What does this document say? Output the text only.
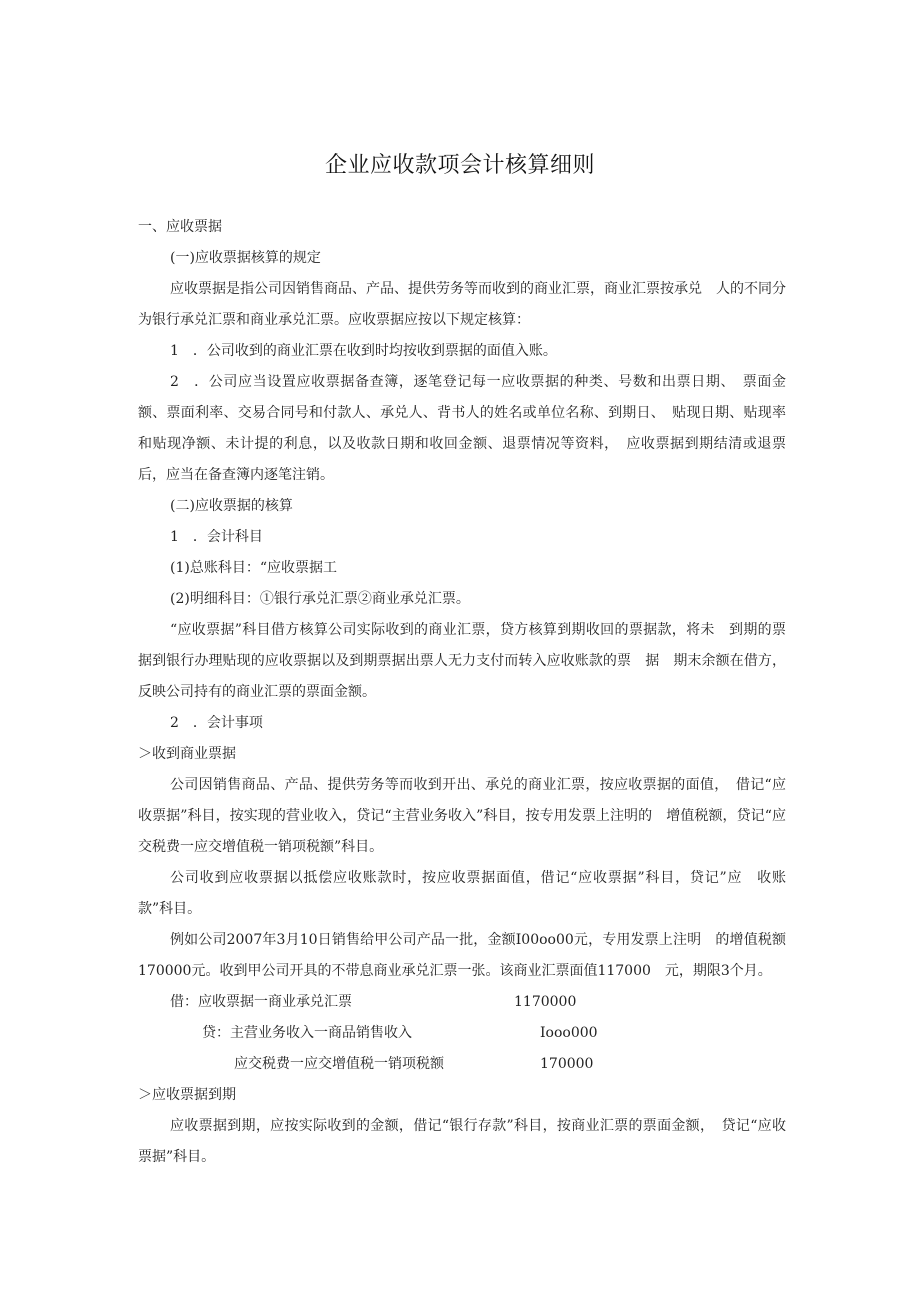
企业应收款项会计核算细则

一、应收票据

(一)应收票据核算的规定

应收票据是指公司因销售商品、产品、提供劳务等而收到的商业汇票，商业汇票按承兑　人的不同分为银行承兑汇票和商业承兑汇票。应收票据应按以下规定核算：

1　．公司收到的商业汇票在收到时均按收到票据的面值入账。

2　．公司应当设置应收票据备查簿，逐笔登记每一应收票据的种类、号数和出票日期、　票面金额、票面利率、交易合同号和付款人、承兑人、背书人的姓名或单位名称、到期日、　贴现日期、贴现率和贴现净额、未计提的利息，以及收款日期和收回金额、退票情况等资料，　应收票据到期结清或退票后，应当在备查簿内逐笔注销。

(二)应收票据的核算

1　．会计科目

(1)总账科目：“应收票据工

(2)明细科目：①银行承兑汇票②商业承兑汇票。

“应收票据”科目借方核算公司实际收到的商业汇票，贷方核算到期收回的票据款，将未　到期的票据到银行办理贴现的应收票据以及到期票据出票人无力支付而转入应收账款的票　据　期末余额在借方，反映公司持有的商业汇票的票面金额。

2　．会计事项

＞收到商业票据

公司因销售商品、产品、提供劳务等而收到开出、承兑的商业汇票，按应收票据的面值，　借记“应收票据”科目，按实现的营业收入，贷记“主营业务收入”科目，按专用发票上注明的　增值税额，贷记“应交税费一应交增值税一销项税额”科目。

公司收到应收票据以抵偿应收账款时，按应收票据面值，借记“应收票据”科目，贷记”应　收账款”科目。

例如公司2007年3月10日销售给甲公司产品一批，金额I00oo00元，专用发票上注明　的增值税额170000元。收到甲公司开具的不带息商业承兑汇票一张。该商业汇票面值117000　元，期限3个月。

借：应收票据一商业承兑汇票	1170000
贷：主营业务收入一商品销售收入	Iooo000
应交税费一应交增值税一销项税额	170000

＞应收票据到期

应收票据到期，应按实际收到的金额，借记“银行存款”科目，按商业汇票的票面金额，　贷记“应收票据”科目。
